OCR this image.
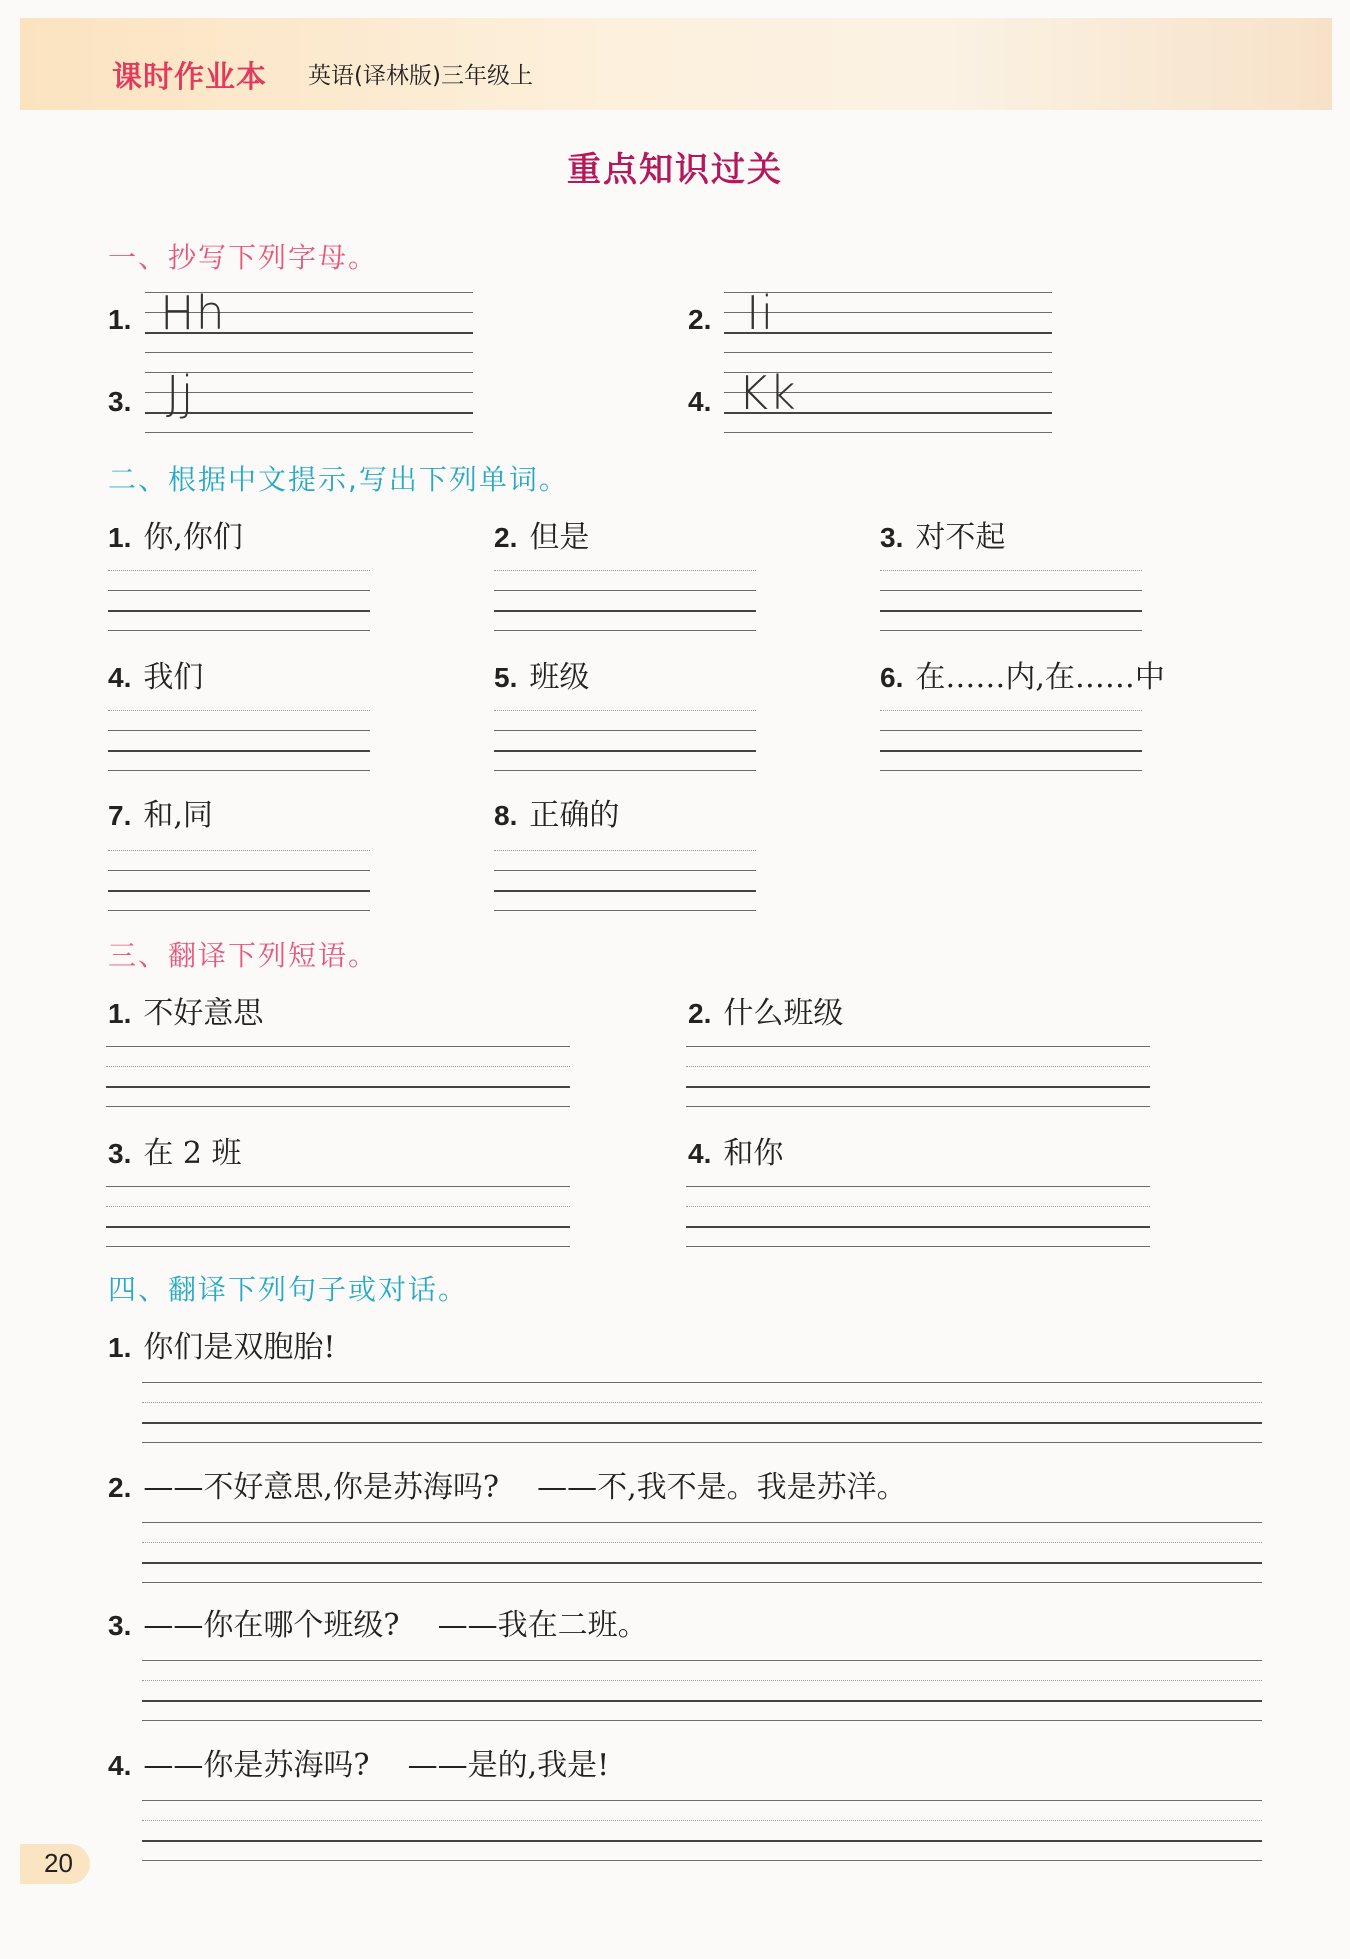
课时作业本 英语(译林版)三年级上
重点知识过关
一、抄写下列字母。
1. Hh	2. Ii
3. Jj	4. Kk
二、根据中文提示,写出下列单词。
1. 你,你们	2. 但是	3. 对不起
4. 我们	5. 班级	6. 在……内,在……中
7. 和,同	8. 正确的
三、翻译下列短语。
1. 不好意思	2. 什么班级
3. 在 2 班	4. 和你
四、翻译下列句子或对话。
1. 你们是双胞胎!
2. ——不好意思,你是苏海吗?    ——不,我不是。我是苏洋。
3. ——你在哪个班级?    ——我在二班。
4. ——你是苏海吗?    ——是的,我是!
20
